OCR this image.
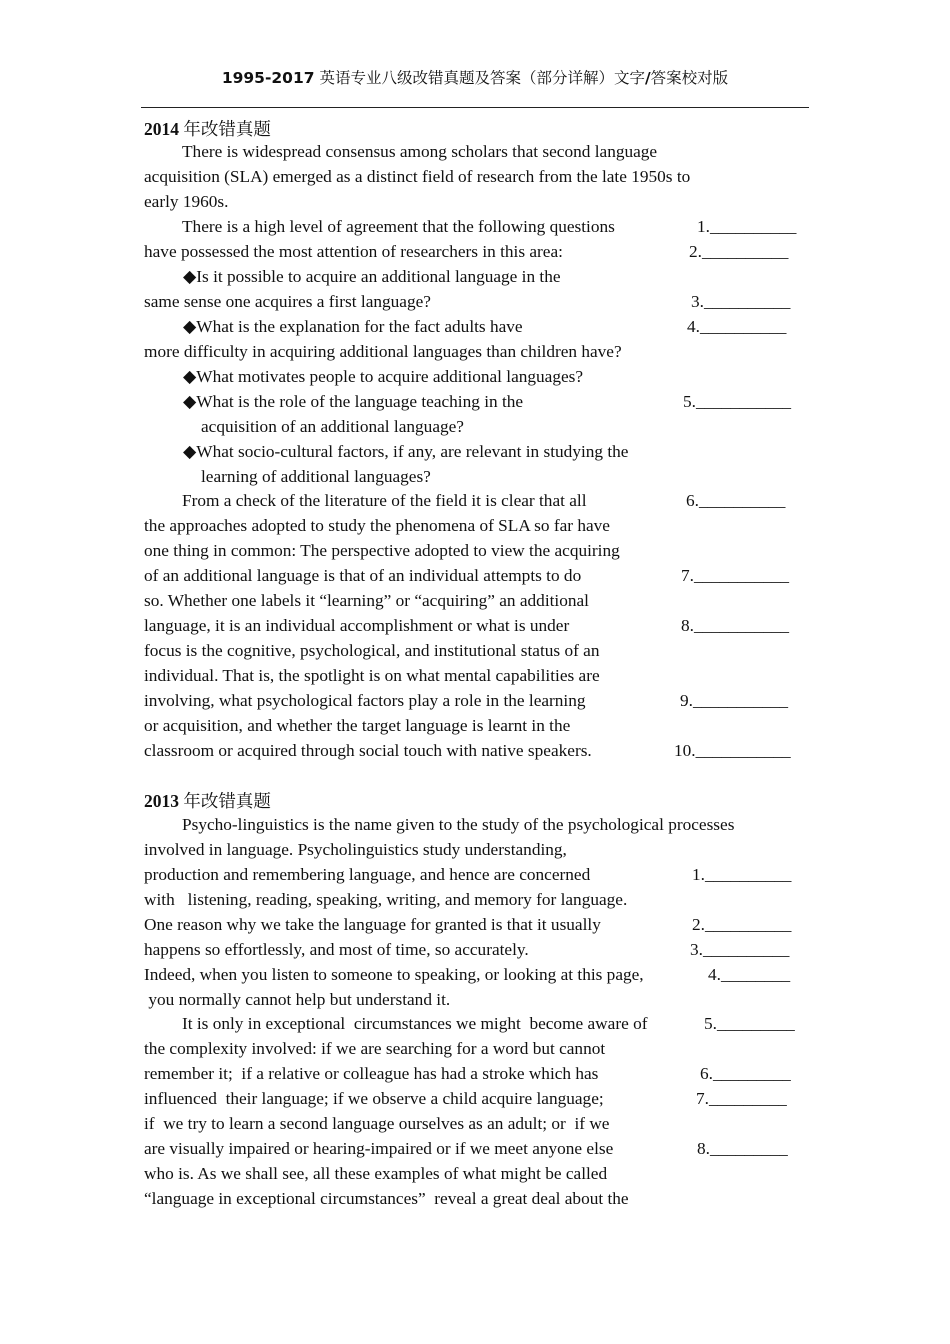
1995-2017 英语专业八级改错真题及答案（部分详解）文字/答案校对版
2014 年改错真题
There is widespread consensus among scholars that second language
acquisition (SLA) emerged as a distinct field of research from the late 1950s to
early 1960s.
There is a high level of agreement that the following questions
have possessed the most attention of researchers in this area:
◆Is it possible to acquire an additional language in the
same sense one acquires a first language?
◆What is the explanation for the fact adults have
more difficulty in acquiring additional languages than children have?
◆What motivates people to acquire additional languages?
◆What is the role of the language teaching in the
acquisition of an additional language?
◆What socio-cultural factors, if any, are relevant in studying the
learning of additional languages?
From a check of the literature of the field it is clear that all
the approaches adopted to study the phenomena of SLA so far have
one thing in common: The perspective adopted to view the acquiring
of an additional language is that of an individual attempts to do
so. Whether one labels it “learning” or “acquiring” an additional
language, it is an individual accomplishment or what is under
focus is the cognitive, psychological, and institutional status of an
individual. That is, the spotlight is on what mental capabilities are
involving, what psychological factors play a role in the learning
or acquisition, and whether the target language is learnt in the
classroom or acquired through social touch with native speakers.
1.__________
2.__________
3.__________
4.__________
5.___________
6.__________
7.___________
8.___________
9.___________
10.___________
2013 年改错真题
Psycho-linguistics is the name given to the study of the psychological processes
involved in language. Psycholinguistics study understanding,
production and remembering language, and hence are concerned
with   listening, reading, speaking, writing, and memory for language.
One reason why we take the language for granted is that it usually
happens so effortlessly, and most of time, so accurately.
Indeed, when you listen to someone to speaking, or looking at this page,
you normally cannot help but understand it.
It is only in exceptional  circumstances we might  become aware of
the complexity involved: if we are searching for a word but cannot
remember it;  if a relative or colleague has had a stroke which has
influenced  their language; if we observe a child acquire language;
if  we try to learn a second language ourselves as an adult; or  if we
are visually impaired or hearing-impaired or if we meet anyone else
who is. As we shall see, all these examples of what might be called
“language in exceptional circumstances”  reveal a great deal about the
1.__________
2.__________
3.__________
4.________
5._________
6._________
7._________
8._________
